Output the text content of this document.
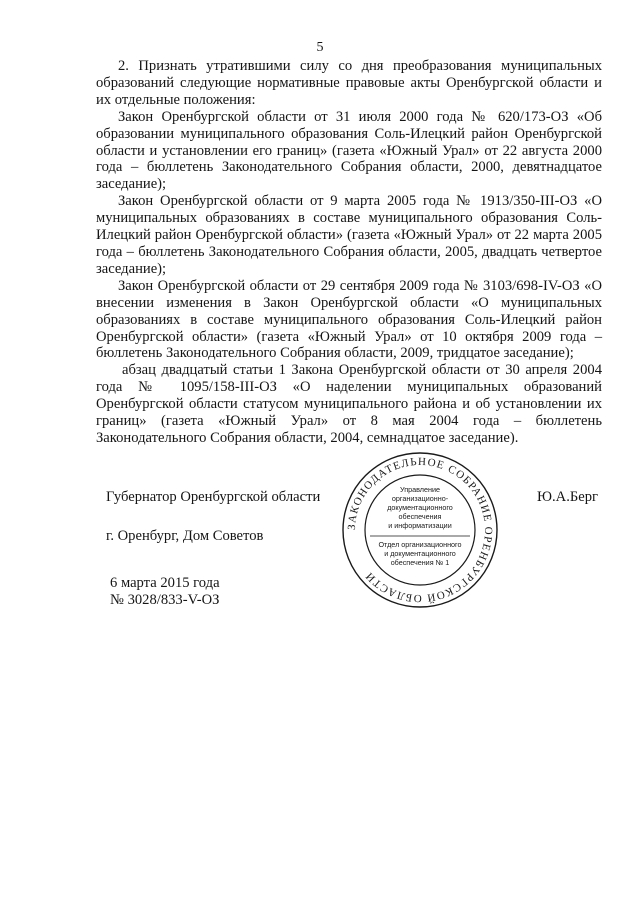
5

2. Признать утратившими силу со дня преобразования муниципальных образований следующие нормативные правовые акты Оренбургской области и их отдельные положения:

Закон Оренбургской области от 31 июля 2000 года № 620/173-ОЗ «Об образовании муниципального образования Соль-Илецкий район Оренбургской области и установлении его границ» (газета «Южный Урал» от 22 августа 2000 года – бюллетень Законодательного Собрания области, 2000, девятнадцатое заседание);

Закон Оренбургской области от 9 марта 2005 года № 1913/350-III-ОЗ «О муниципальных образованиях в составе муниципального образования Соль-Илецкий район Оренбургской области» (газета «Южный Урал» от 22 марта 2005 года – бюллетень Законодательного Собрания области, 2005, двадцать четвертое заседание);

Закон Оренбургской области от 29 сентября 2009 года № 3103/698-IV-ОЗ «О внесении изменения в Закон Оренбургской области «О муниципальных образованиях в составе муниципального образования Соль-Илецкий район Оренбургской области» (газета «Южный Урал» от 10 октября 2009 года – бюллетень Законодательного Собрания области, 2009, тридцатое заседание);

абзац двадцатый статьи 1 Закона Оренбургской области от 30 апреля 2004 года № 1095/158-III-ОЗ «О наделении муниципальных образований Оренбургской области статусом муниципального района и об установлении их границ» (газета «Южный Урал» от 8 мая 2004 года – бюллетень Законодательного Собрания области, 2004, семнадцатое заседание).

Губернатор Оренбургской области	Ю.А.Берг
г. Оренбург, Дом Советов
6 марта 2015 года
№ 3028/833-V-ОЗ
ЗАКОНОДАТЕЛЬНОЕ СОБРАНИЕ ОРЕНБУРГСКОЙ ОБЛАСТИ
Управление
организационно-
документационного
обеспечения
и информатизации
Отдел организационного
и документационного
обеспечения № 1
